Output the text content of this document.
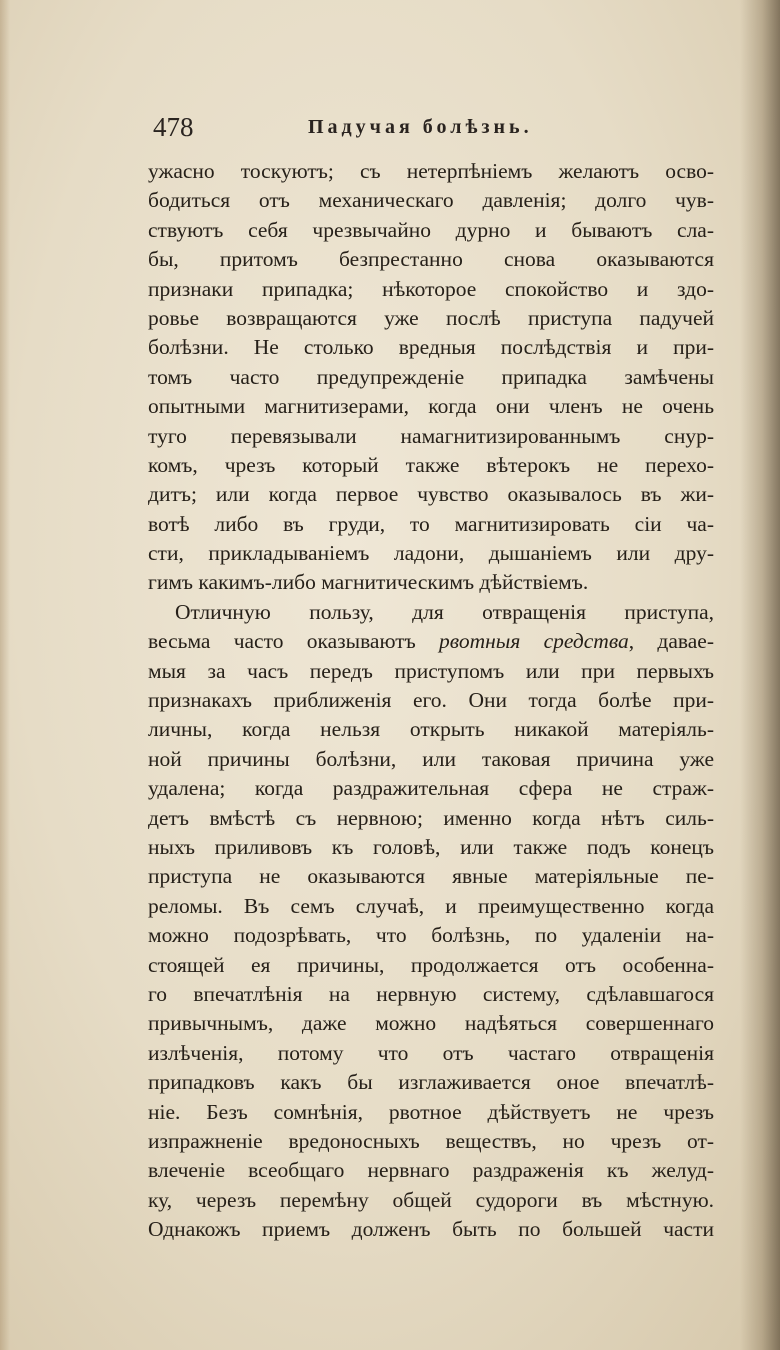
478	Падучая болѣзнь.
ужасно тоскуютъ; съ нетерпѣніемъ желаютъ осво-
бодиться отъ механическаго давленія; долго чув-
ствуютъ себя чрезвычайно дурно и бываютъ сла-
бы, притомъ безпрестанно снова оказываются
признаки припадка; нѣкоторое спокойство и здо-
ровье возвращаются уже послѣ приступа падучей
болѣзни. Не столько вредныя послѣдствія и при-
томъ часто предупрежденіе припадка замѣчены
опытными магнитизерами, когда они членъ не очень
туго перевязывали намагнитизированнымъ снур-
комъ, чрезъ который также вѣтерокъ не перехо-
дитъ; или когда первое чувство оказывалось въ жи-
вотѣ либо въ груди, то магнитизировать сіи ча-
сти, прикладываніемъ ладони, дышаніемъ или дру-
гимъ какимъ-либо магнитическимъ дѣйствіемъ.
Отличную пользу, для отвращенія приступа,
весьма часто оказываютъ рвотныя средства, давае-
мыя за часъ передъ приступомъ или при первыхъ
признакахъ приближенія его. Они тогда болѣе при-
личны, когда нельзя открыть никакой матеріяль-
ной причины болѣзни, или таковая причина уже
удалена; когда раздражительная сфера не страж-
детъ вмѣстѣ съ нервною; именно когда нѣтъ силь-
ныхъ приливовъ къ головѣ, или также подъ конецъ
приступа не оказываются явные матеріяльные пе-
реломы. Въ семъ случаѣ, и преимущественно когда
можно подозрѣвать, что болѣзнь, по удаленіи на-
стоящей ея причины, продолжается отъ особенна-
го впечатлѣнія на нервную систему, сдѣлавшагося
привычнымъ, даже можно надѣяться совершеннаго
излѣченія, потому что отъ частаго отвращенія
припадковъ какъ бы изглаживается оное впечатлѣ-
ніе. Безъ сомнѣнія, рвотное дѣйствуетъ не чрезъ
изпражненіе вредоносныхъ веществъ, но чрезъ от-
влеченіе всеобщаго нервнаго раздраженія къ желуд-
ку, черезъ перемѣну общей судороги въ мѣстную.
Однакожъ приемъ долженъ быть по большей части
